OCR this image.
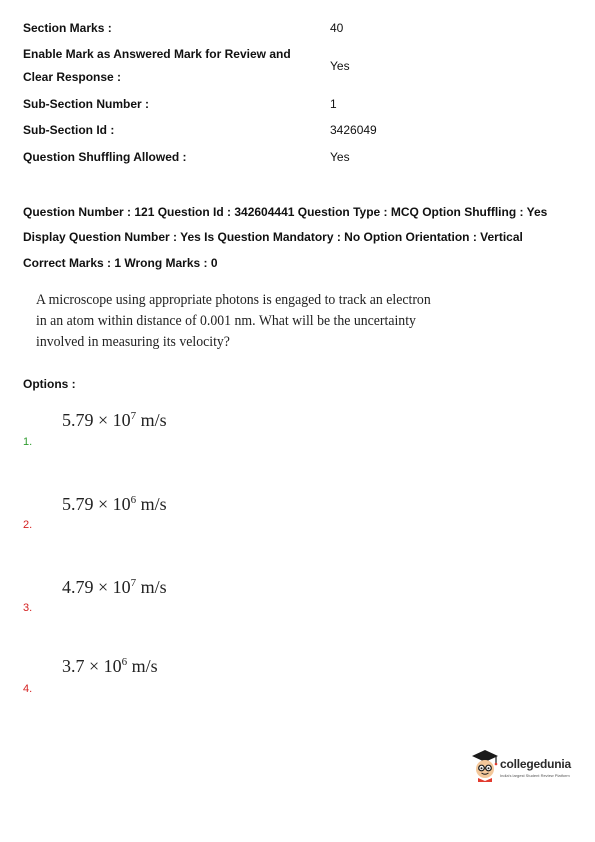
Section Marks :	40
Enable Mark as Answered Mark for Review and
Clear Response :
Yes
Sub-Section Number :	1
Sub-Section Id :	3426049
Question Shuffling Allowed :	Yes
Question Number : 121 Question Id : 342604441 Question Type : MCQ Option Shuffling : Yes
Display Question Number : Yes Is Question Mandatory : No Option Orientation : Vertical
Correct Marks : 1 Wrong Marks : 0
A microscope using appropriate photons is engaged to track an electron in an atom within distance of 0.001 nm. What will be the uncertainty involved in measuring its velocity?
Options :
$5.79 \times 10^7$ m/s
1.
$5.79 \times 10^6$ m/s
2.
$4.79 \times 10^7$ m/s
3.
$3.7 \times 10^6$ m/s
4.
collegedunia
India's largest Student Review Platform
